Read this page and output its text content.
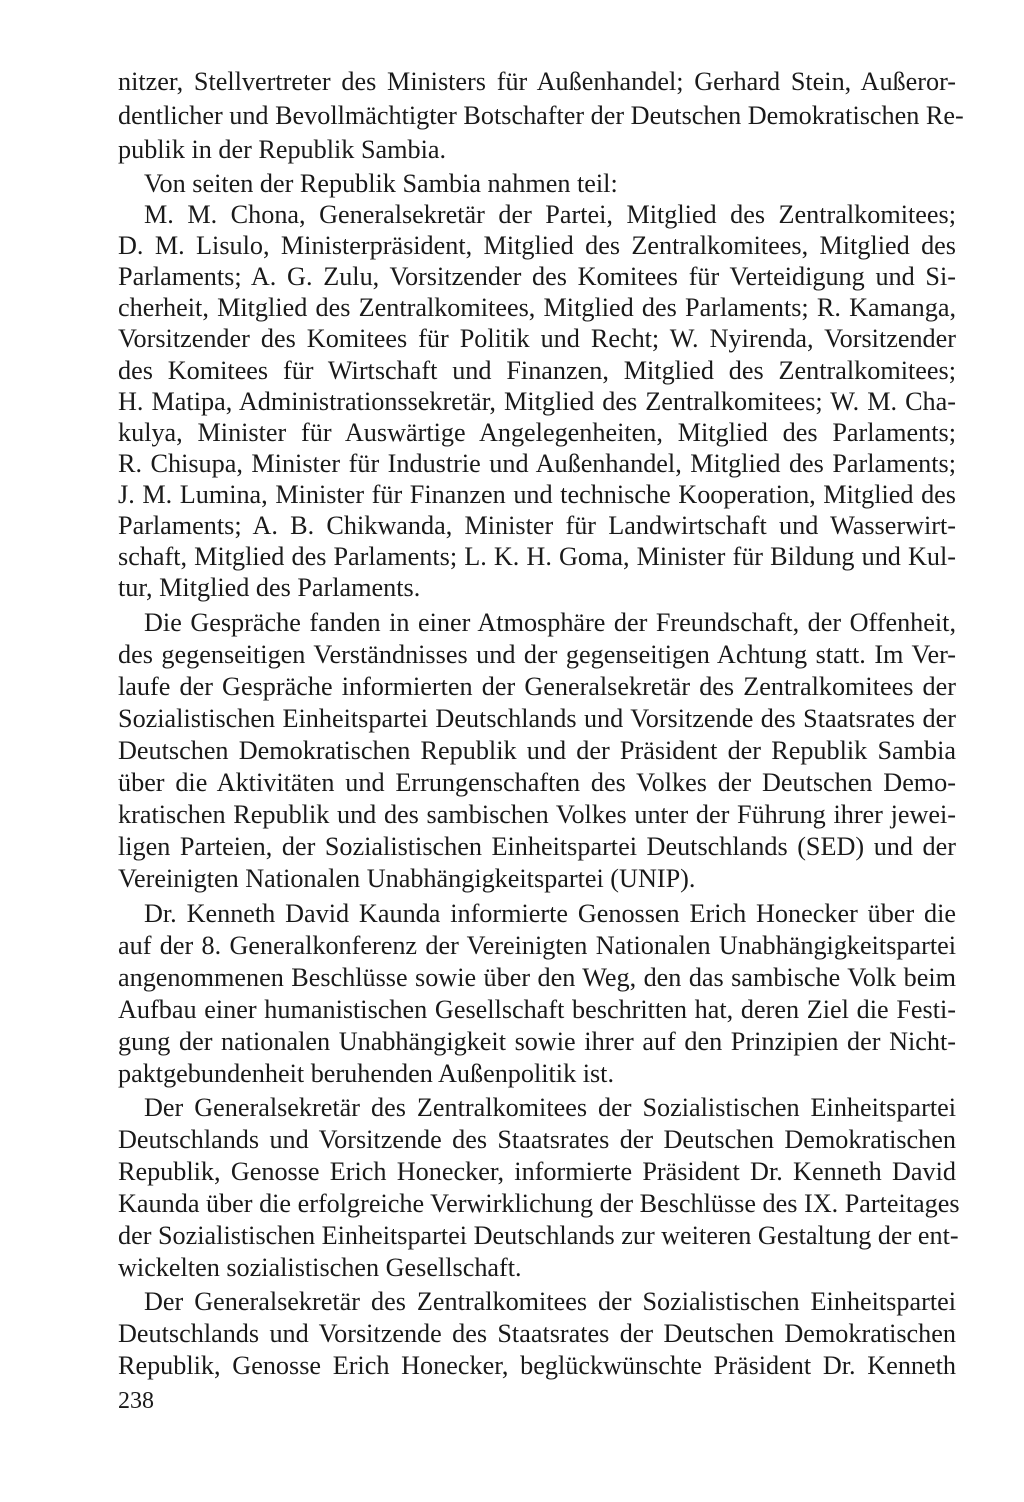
nitzer, Stellvertreter des Ministers für Außenhandel; Gerhard Stein, Außeror-
dentlicher und Bevollmächtigter Botschafter der Deutschen Demokratischen Re-
publik in der Republik Sambia.
Von seiten der Republik Sambia nahmen teil:
M. M. Chona, Generalsekretär der Partei, Mitglied des Zentralkomitees;
D. M. Lisulo, Ministerpräsident, Mitglied des Zentralkomitees, Mitglied des
Parlaments; A. G. Zulu, Vorsitzender des Komitees für Verteidigung und Si-
cherheit, Mitglied des Zentralkomitees, Mitglied des Parlaments; R. Kamanga,
Vorsitzender des Komitees für Politik und Recht; W. Nyirenda, Vorsitzender
des Komitees für Wirtschaft und Finanzen, Mitglied des Zentralkomitees;
H. Matipa, Administrationssekretär, Mitglied des Zentralkomitees; W. M. Cha-
kulya, Minister für Auswärtige Angelegenheiten, Mitglied des Parlaments;
R. Chisupa, Minister für Industrie und Außenhandel, Mitglied des Parlaments;
J. M. Lumina, Minister für Finanzen und technische Kooperation, Mitglied des
Parlaments; A. B. Chikwanda, Minister für Landwirtschaft und Wasserwirt-
schaft, Mitglied des Parlaments; L. K. H. Goma, Minister für Bildung und Kul-
tur, Mitglied des Parlaments.
Die Gespräche fanden in einer Atmosphäre der Freundschaft, der Offenheit,
des gegenseitigen Verständnisses und der gegenseitigen Achtung statt. Im Ver-
laufe der Gespräche informierten der Generalsekretär des Zentralkomitees der
Sozialistischen Einheitspartei Deutschlands und Vorsitzende des Staatsrates der
Deutschen Demokratischen Republik und der Präsident der Republik Sambia
über die Aktivitäten und Errungenschaften des Volkes der Deutschen Demo-
kratischen Republik und des sambischen Volkes unter der Führung ihrer jewei-
ligen Parteien, der Sozialistischen Einheitspartei Deutschlands (SED) und der
Vereinigten Nationalen Unabhängigkeitspartei (UNIP).
Dr. Kenneth David Kaunda informierte Genossen Erich Honecker über die
auf der 8. Generalkonferenz der Vereinigten Nationalen Unabhängigkeitspartei
angenommenen Beschlüsse sowie über den Weg, den das sambische Volk beim
Aufbau einer humanistischen Gesellschaft beschritten hat, deren Ziel die Festi-
gung der nationalen Unabhängigkeit sowie ihrer auf den Prinzipien der Nicht-
paktgebundenheit beruhenden Außenpolitik ist.
Der Generalsekretär des Zentralkomitees der Sozialistischen Einheitspartei
Deutschlands und Vorsitzende des Staatsrates der Deutschen Demokratischen
Republik, Genosse Erich Honecker, informierte Präsident Dr. Kenneth David
Kaunda über die erfolgreiche Verwirklichung der Beschlüsse des IX. Parteitages
der Sozialistischen Einheitspartei Deutschlands zur weiteren Gestaltung der ent-
wickelten sozialistischen Gesellschaft.
Der Generalsekretär des Zentralkomitees der Sozialistischen Einheitspartei
Deutschlands und Vorsitzende des Staatsrates der Deutschen Demokratischen
Republik, Genosse Erich Honecker, beglückwünschte Präsident Dr. Kenneth
238
